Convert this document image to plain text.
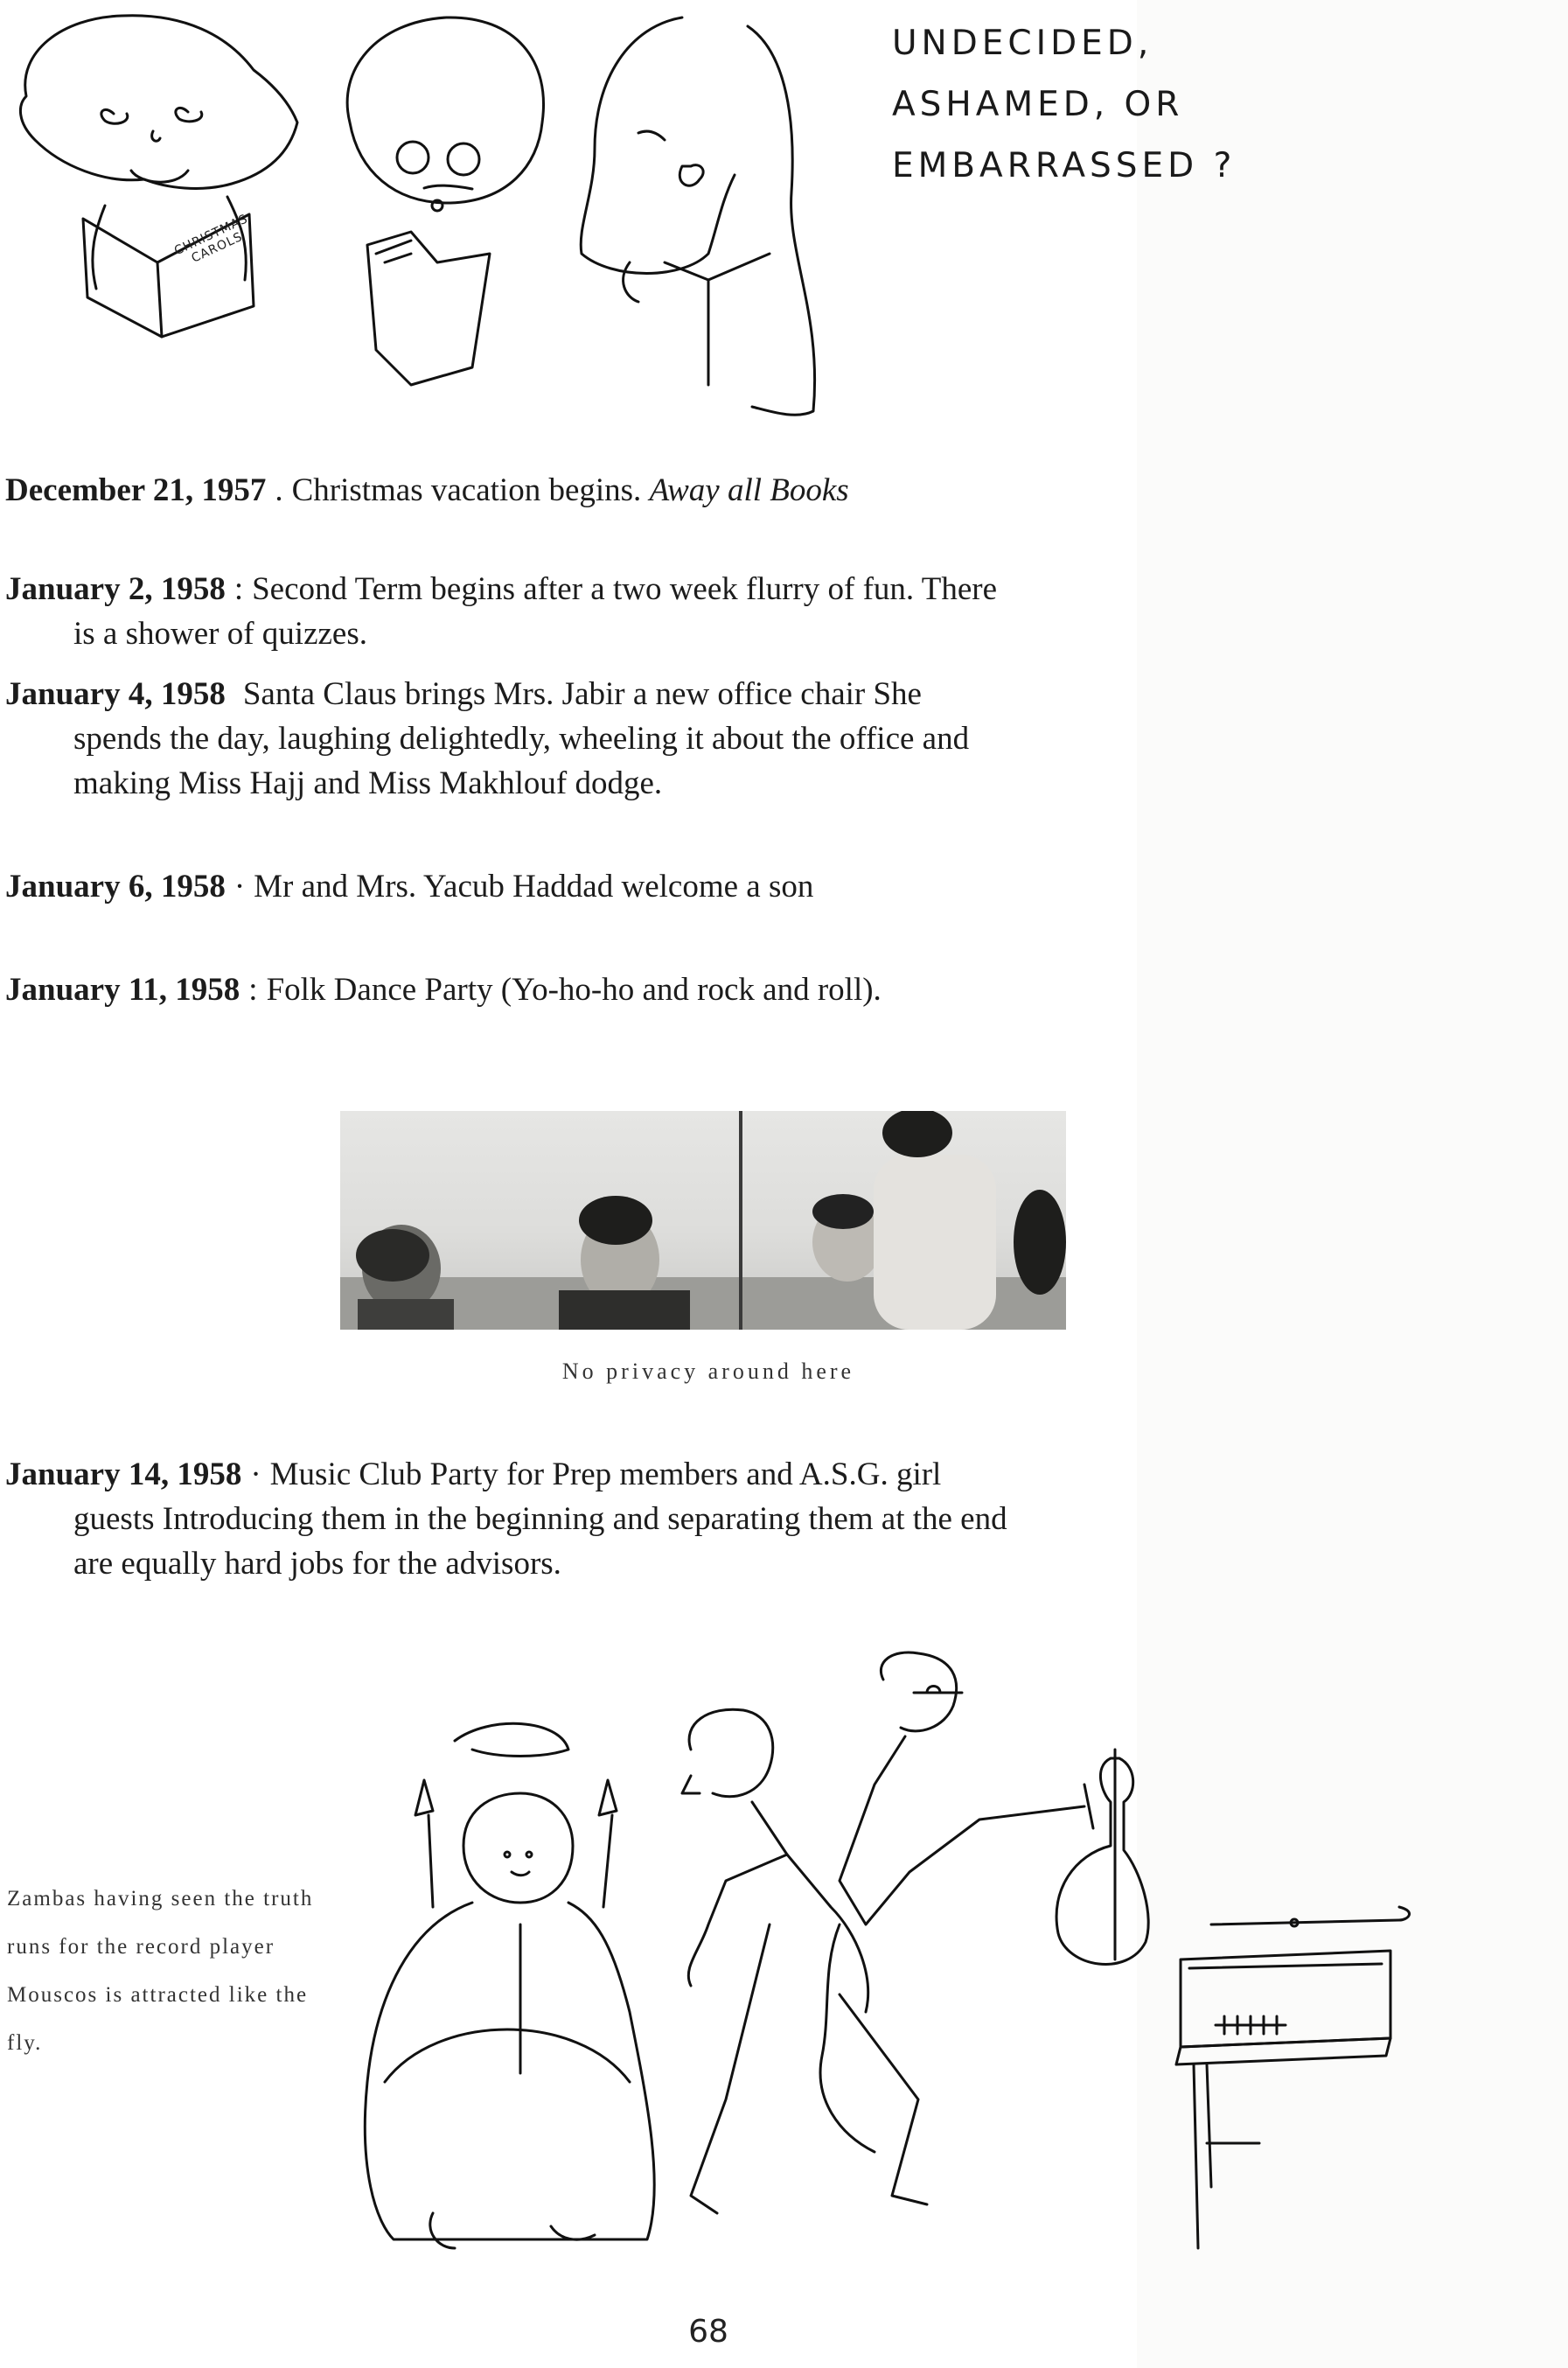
CHRISTMAS CAROLS
UNDECIDED,
ASHAMED, OR
EMBARRASSED ?
December 21, 1957 . Christmas vacation begins. Away all Books
January 2, 1958 : Second Term begins after a two week flurry of fun. There is a shower of quizzes.
January 4, 1958 Santa Claus brings Mrs. Jabir a new office chair She spends the day, laughing delightedly, wheeling it about the office and making Miss Hajj and Miss Makhlouf dodge.
January 6, 1958 · Mr and Mrs. Yacub Haddad welcome a son
January 11, 1958 : Folk Dance Party (Yo-ho-ho and rock and roll).
No privacy around here
January 14, 1958 · Music Club Party for Prep members and A.S.G. girl guests Introducing them in the beginning and separating them at the end are equally hard jobs for the advisors.
Zambas having seen the truth runs for the record player Mouscos is attracted like the fly.
68
